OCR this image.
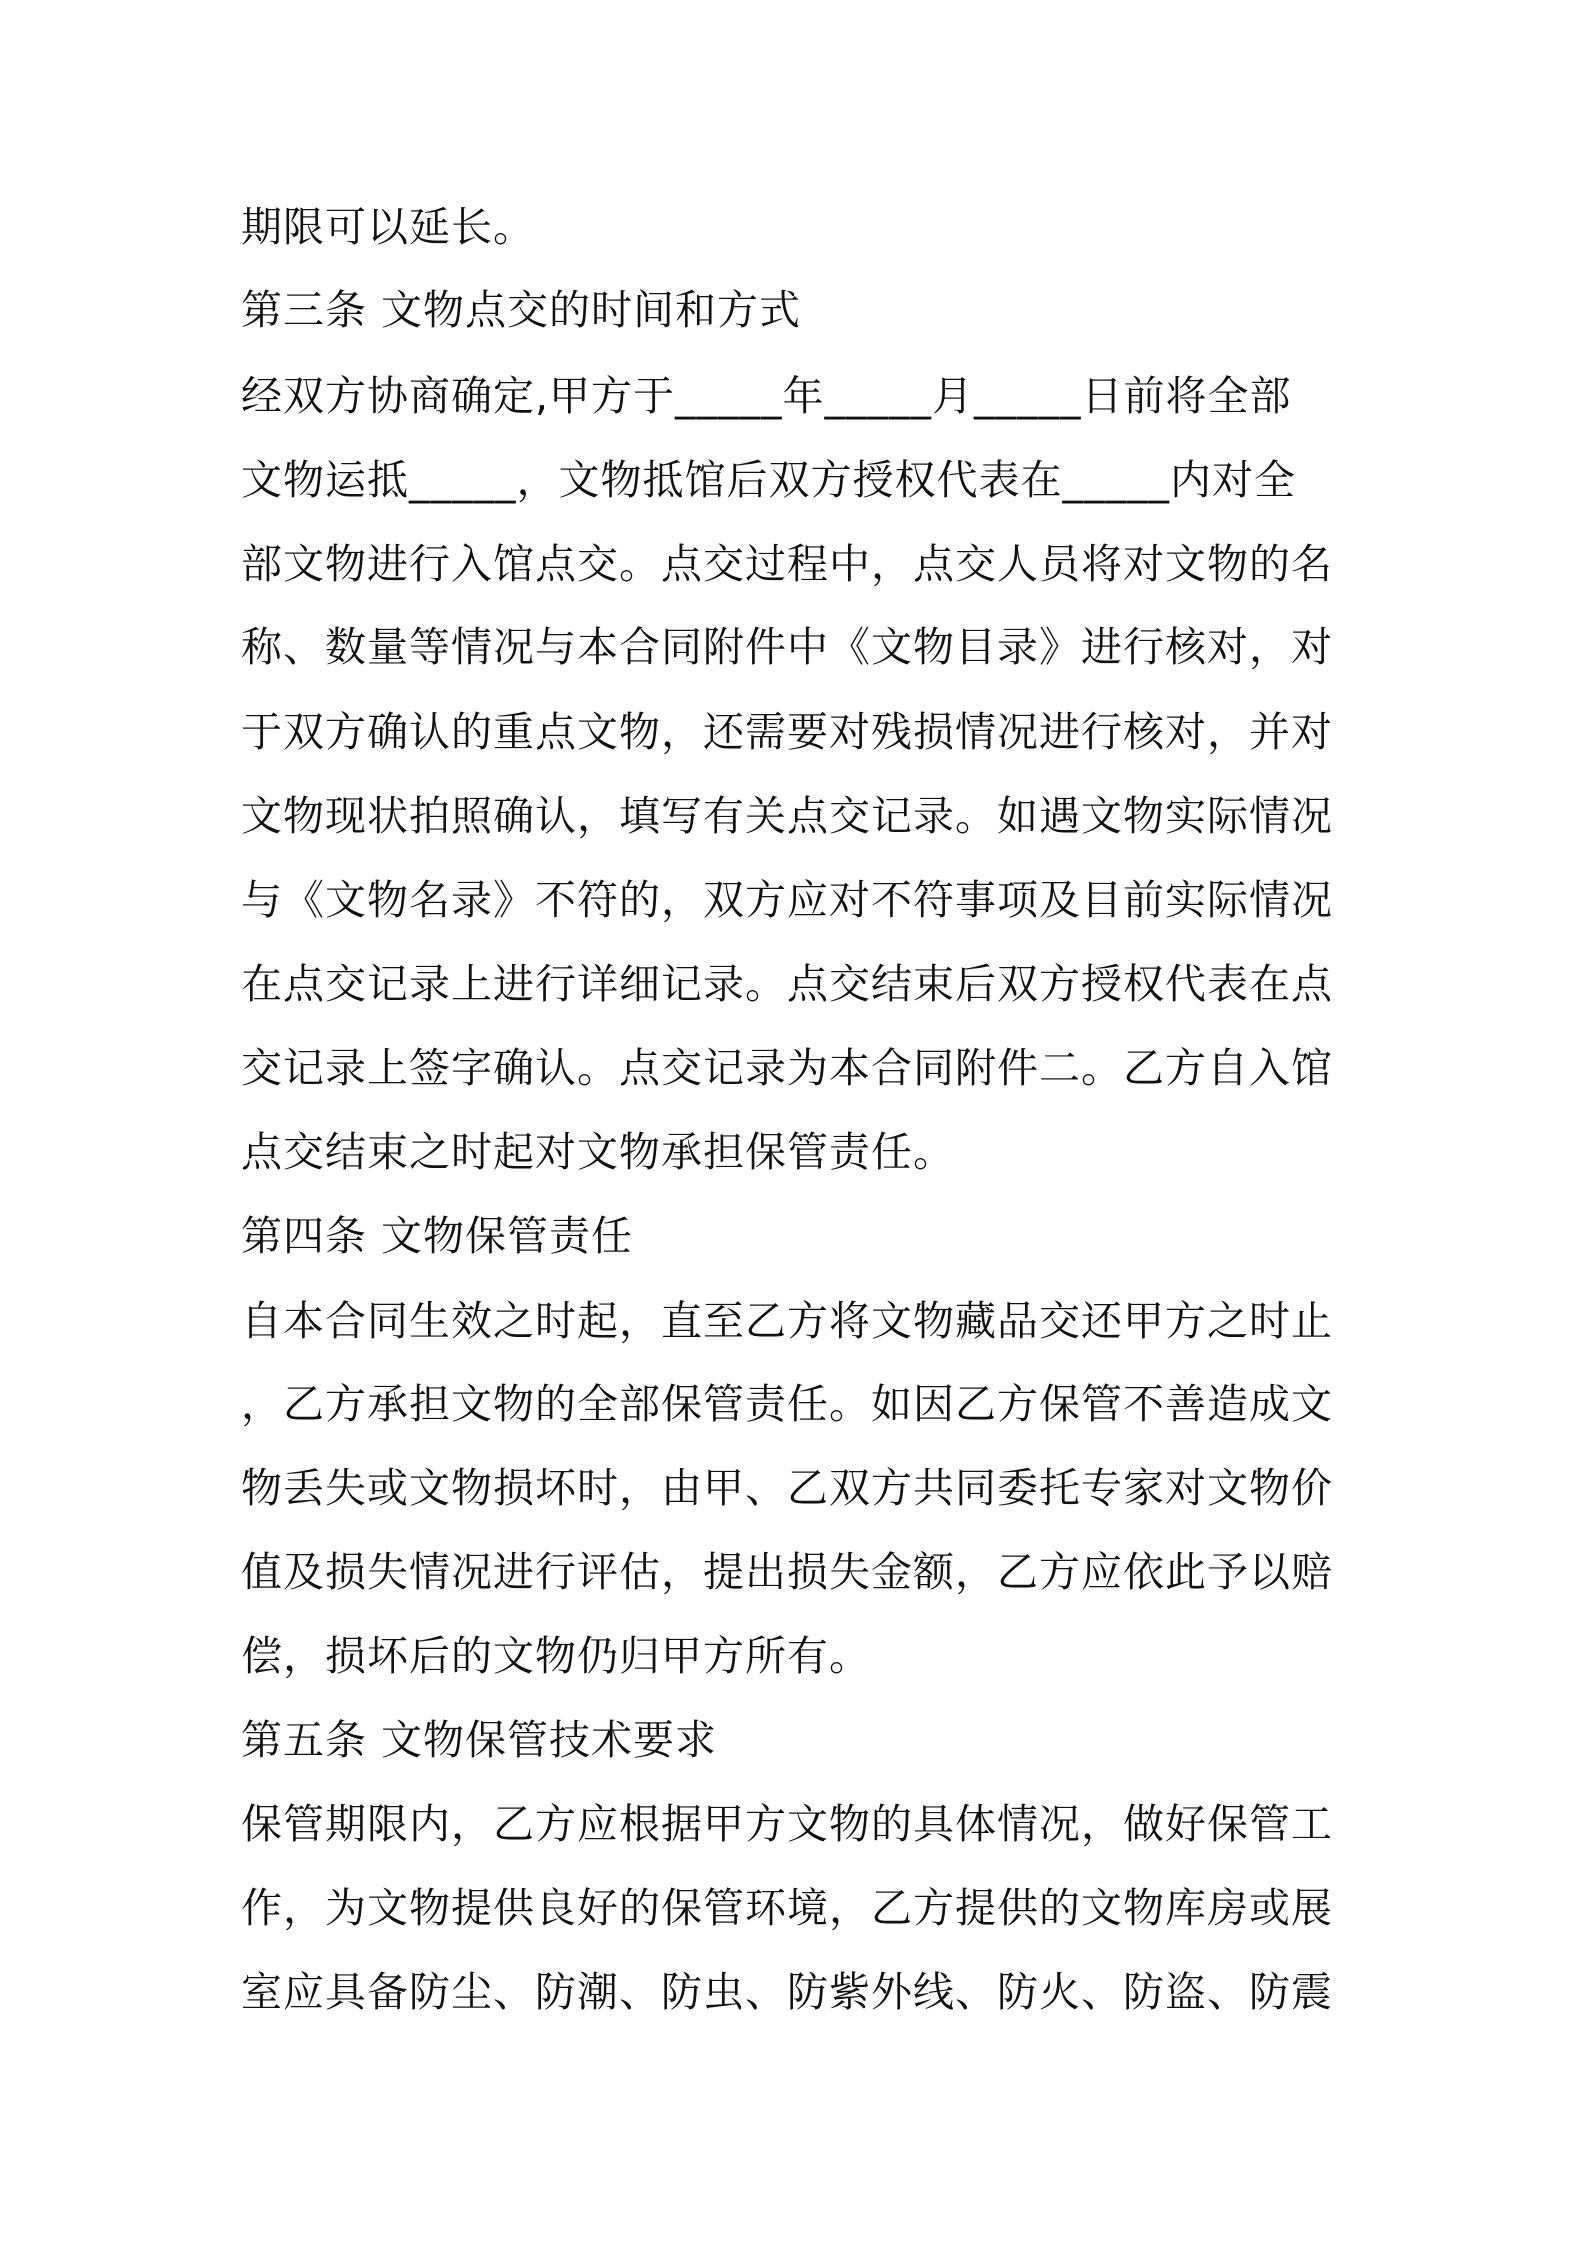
期限可以延长。
第三条 文物点交的时间和方式
经双方协商确定,甲方于_____年_____月_____日前将全部
文物运抵_____，文物抵馆后双方授权代表在_____内对全
部文物进行入馆点交。点交过程中，点交人员将对文物的名
称、数量等情况与本合同附件中《文物目录》进行核对，对
于双方确认的重点文物，还需要对残损情况进行核对，并对
文物现状拍照确认，填写有关点交记录。如遇文物实际情况
与《文物名录》不符的，双方应对不符事项及目前实际情况
在点交记录上进行详细记录。点交结束后双方授权代表在点
交记录上签字确认。点交记录为本合同附件二。乙方自入馆
点交结束之时起对文物承担保管责任。
第四条 文物保管责任
自本合同生效之时起，直至乙方将文物藏品交还甲方之时止
，乙方承担文物的全部保管责任。如因乙方保管不善造成文
物丢失或文物损坏时，由甲、乙双方共同委托专家对文物价
值及损失情况进行评估，提出损失金额，乙方应依此予以赔
偿，损坏后的文物仍归甲方所有。
第五条 文物保管技术要求
保管期限内，乙方应根据甲方文物的具体情况，做好保管工
作，为文物提供良好的保管环境，乙方提供的文物库房或展
室应具备防尘、防潮、防虫、防紫外线、防火、防盗、防震
